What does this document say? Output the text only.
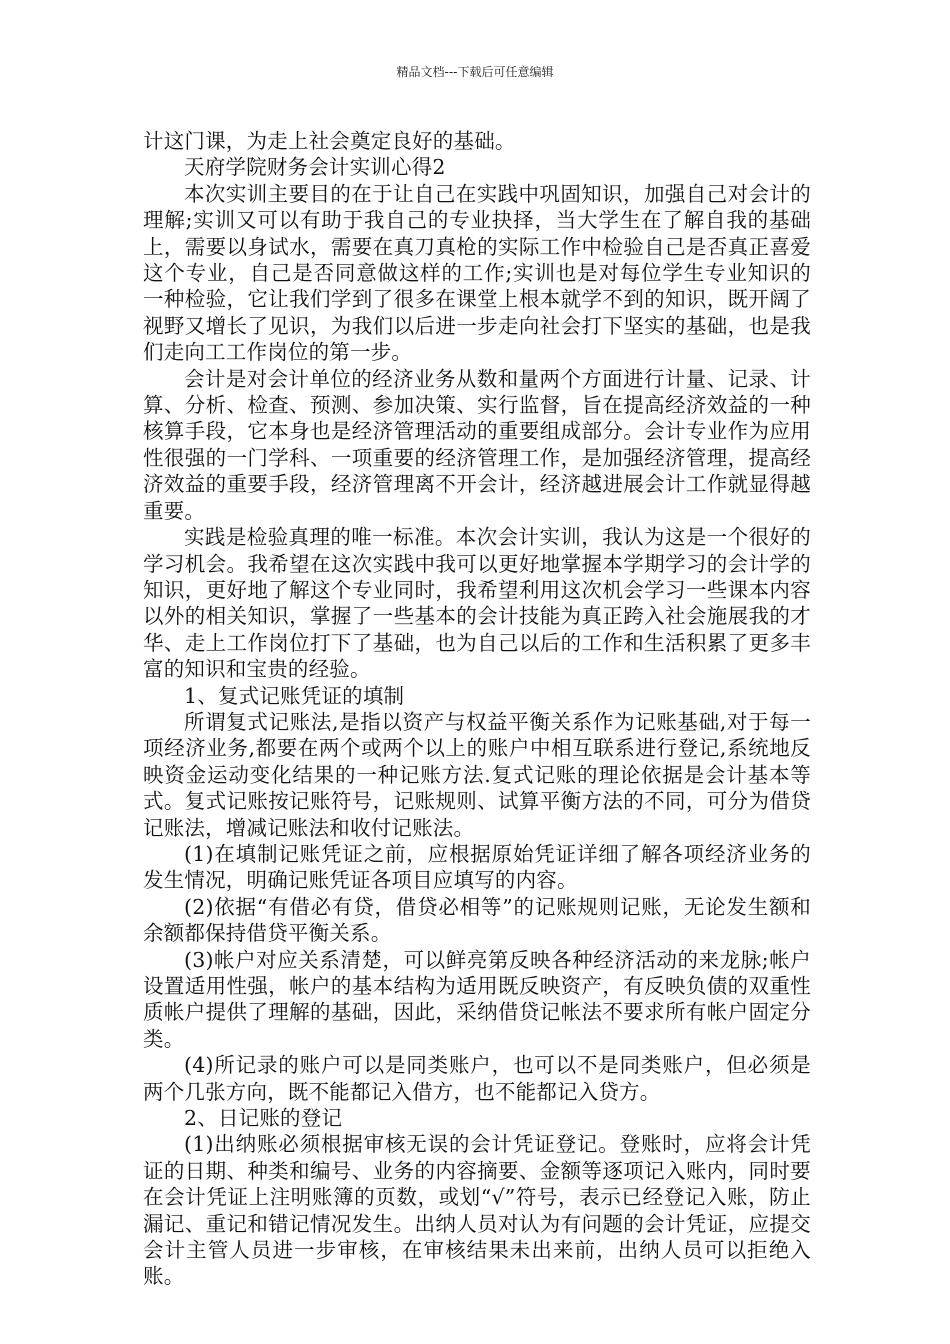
精品文档---下载后可任意编辑

计这门课，为走上社会奠定良好的基础。

天府学院财务会计实训心得2

本次实训主要目的在于让自己在实践中巩固知识，加强自己对会计的理解;实训又可以有助于我自己的专业抉择，当大学生在了解自我的基础上，需要以身试水，需要在真刀真枪的实际工作中检验自己是否真正喜爱这个专业，自己是否同意做这样的工作;实训也是对每位学生专业知识的一种检验，它让我们学到了很多在课堂上根本就学不到的知识，既开阔了视野又增长了见识，为我们以后进一步走向社会打下坚实的基础，也是我们走向工工作岗位的第一步。

会计是对会计单位的经济业务从数和量两个方面进行计量、记录、计算、分析、检查、预测、参加决策、实行监督，旨在提高经济效益的一种核算手段，它本身也是经济管理活动的重要组成部分。会计专业作为应用性很强的一门学科、一项重要的经济管理工作，是加强经济管理，提高经济效益的重要手段，经济管理离不开会计，经济越进展会计工作就显得越重要。

实践是检验真理的唯一标准。本次会计实训，我认为这是一个很好的学习机会。我希望在这次实践中我可以更好地掌握本学期学习的会计学的知识，更好地了解这个专业同时，我希望利用这次机会学习一些课本内容以外的相关知识，掌握了一些基本的会计技能为真正跨入社会施展我的才华、走上工作岗位打下了基础，也为自己以后的工作和生活积累了更多丰富的知识和宝贵的经验。

1、复式记账凭证的填制

所谓复式记账法,是指以资产与权益平衡关系作为记账基础,对于每一项经济业务,都要在两个或两个以上的账户中相互联系进行登记,系统地反映资金运动变化结果的一种记账方法.复式记账的理论依据是会计基本等式。复式记账按记账符号，记账规则、试算平衡方法的不同，可分为借贷记账法，增减记账法和收付记账法。

(1)在填制记账凭证之前，应根据原始凭证详细了解各项经济业务的发生情况，明确记账凭证各项目应填写的内容。

(2)依据“有借必有贷，借贷必相等”的记账规则记账，无论发生额和余额都保持借贷平衡关系。

(3)帐户对应关系清楚，可以鲜亮第反映各种经济活动的来龙脉;帐户设置适用性强，帐户的基本结构为适用既反映资产，有反映负债的双重性质帐户提供了理解的基础，因此，采纳借贷记帐法不要求所有帐户固定分类。

(4)所记录的账户可以是同类账户，也可以不是同类账户，但必须是两个几张方向，既不能都记入借方，也不能都记入贷方。

2、日记账的登记

(1)出纳账必须根据审核无误的会计凭证登记。登账时，应将会计凭证的日期、种类和编号、业务的内容摘要、金额等逐项记入账内，同时要在会计凭证上注明账簿的页数，或划“√”符号，表示已经登记入账，防止漏记、重记和错记情况发生。出纳人员对认为有问题的会计凭证，应提交会计主管人员进一步审核，在审核结果未出来前，出纳人员可以拒绝入账。
